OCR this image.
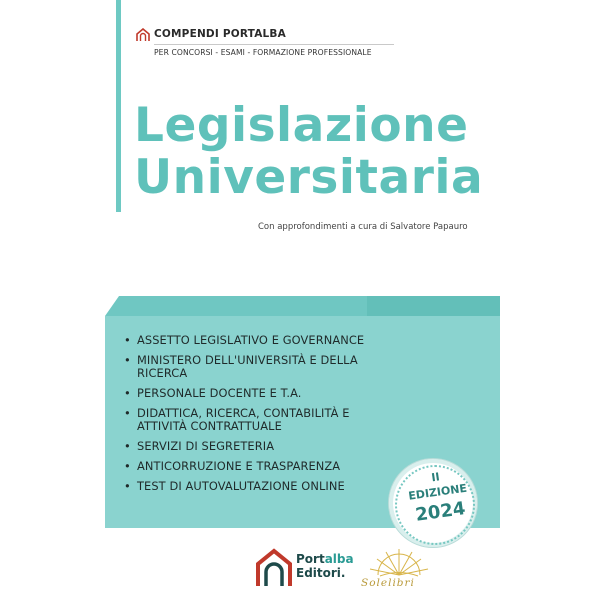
COMPENDI PORTALBA
PER CONCORSI - ESAMI - FORMAZIONE PROFESSIONALE
Legislazione
Universitaria
Con approfondimenti a cura di Salvatore Papauro
• ASSETTO LEGISLATIVO E GOVERNANCE
• MINISTERO DELL'UNIVERSITÀ E DELLA RICERCA
• PERSONALE DOCENTE E T.A.
• DIDATTICA, RICERCA, CONTABILITÀ E ATTIVITÀ CONTRATTUALE
• SERVIZI DI SEGRETERIA
• ANTICORRUZIONE E TRASPARENZA
• TEST DI AUTOVALUTAZIONE ONLINE
II
EDIZIONE
2024
Portalba
Editori.
Solelibri
